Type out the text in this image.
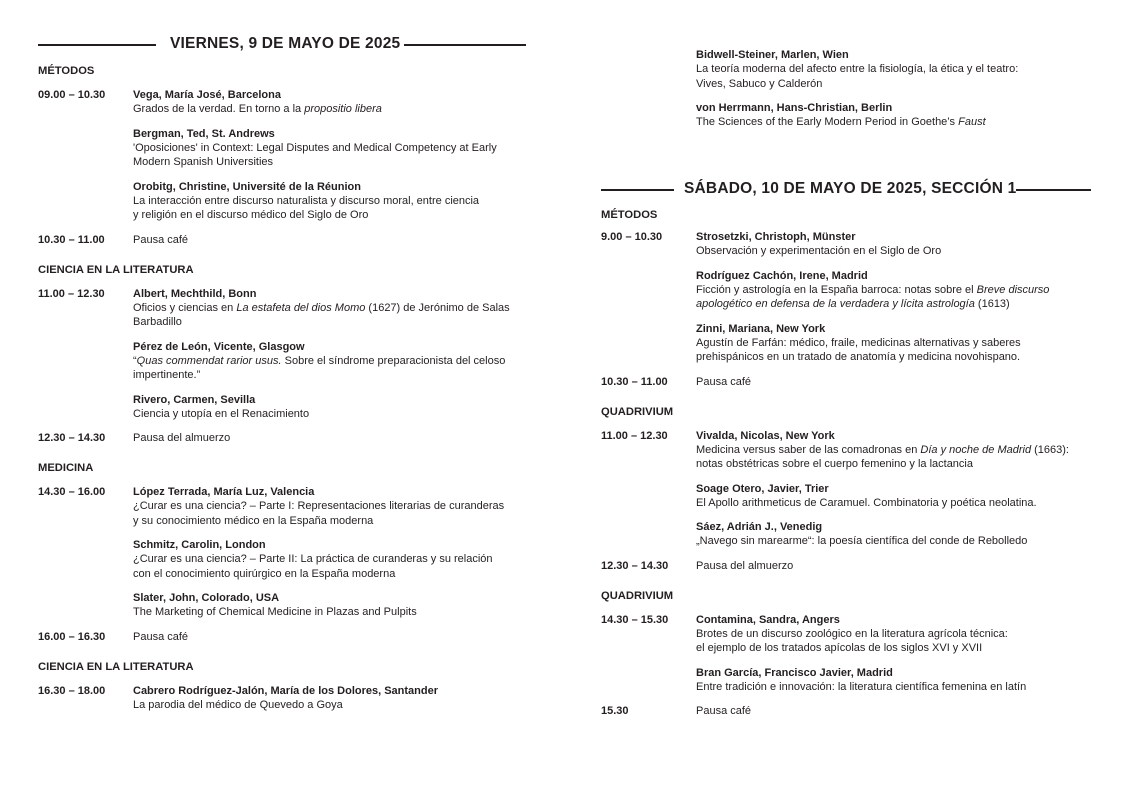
VIERNES, 9 DE MAYO DE 2025
MÉTODOS
09.00 – 10.30	Vega, María José, Barcelona
Grados de la verdad. En torno a la propositio libera
Bergman, Ted, St. Andrews
'Oposiciones' in Context: Legal Disputes and Medical Competency at Early Modern Spanish Universities
Orobitg, Christine, Université de la Réunion
La interacción entre discurso naturalista y discurso moral, entre ciencia
y religión en el discurso médico del Siglo de Oro
10.30 – 11.00	Pausa café
CIENCIA EN LA LITERATURA
11.00 – 12.30	Albert, Mechthild, Bonn
Oficios y ciencias en La estafeta del dios Momo (1627) de Jerónimo de Salas Barbadillo
Pérez de León, Vicente, Glasgow
“Quas commendat rarior usus. Sobre el síndrome preparacionista del celoso impertinente.”
Rivero, Carmen, Sevilla
Ciencia y utopía en el Renacimiento
12.30 – 14.30	Pausa del almuerzo
MEDICINA
14.30 – 16.00	López Terrada, María Luz, Valencia
¿Curar es una ciencia? – Parte I: Representaciones literarias de curanderas
y su conocimiento médico en la España moderna
Schmitz, Carolin, London
¿Curar es una ciencia? – Parte II: La práctica de curanderas y su relación
con el conocimiento quirúrgico en la España moderna
Slater, John, Colorado, USA
The Marketing of Chemical Medicine in Plazas and Pulpits
16.00 – 16.30	Pausa café
CIENCIA EN LA LITERATURA
16.30 – 18.00	Cabrero Rodríguez-Jalón, María de los Dolores, Santander
La parodia del médico de Quevedo a Goya
Bidwell-Steiner, Marlen, Wien
La teoría moderna del afecto entre la fisiología, la ética y el teatro:
Vives, Sabuco y Calderón
von Herrmann, Hans-Christian, Berlin
The Sciences of the Early Modern Period in Goethe’s Faust
SÁBADO, 10 DE MAYO DE 2025, SECCIÓN 1
MÉTODOS
9.00 – 10.30	Strosetzki, Christoph, Münster
Observación y experimentación en el Siglo de Oro
Rodríguez Cachón, Irene, Madrid
Ficción y astrología en la España barroca: notas sobre el Breve discurso apologético en defensa de la verdadera y lícita astrología (1613)
Zinni, Mariana, New York
Agustín de Farfán: médico, fraile, medicinas alternativas y saberes
prehispánicos en un tratado de anatomía y medicina novohispano.
10.30 – 11.00	Pausa café
QUADRIVIUM
11.00 – 12.30	Vivalda, Nicolas, New York
Medicina versus saber de las comadronas en Día y noche de Madrid (1663): notas obstétricas sobre el cuerpo femenino y la lactancia
Soage Otero, Javier, Trier
El Apollo arithmeticus de Caramuel. Combinatoria y poética neolatina.
Sáez, Adrián J., Venedig
„Navego sin marearme“: la poesía científica del conde de Rebolledo
12.30 – 14.30	Pausa del almuerzo
QUADRIVIUM
14.30 – 15.30	Contamina, Sandra, Angers
Brotes de un discurso zoológico en la literatura agrícola técnica:
el ejemplo de los tratados apícolas de los siglos XVI y XVII
Bran García, Francisco Javier, Madrid
Entre tradición e innovación: la literatura científica femenina en latín
15.30	Pausa café
